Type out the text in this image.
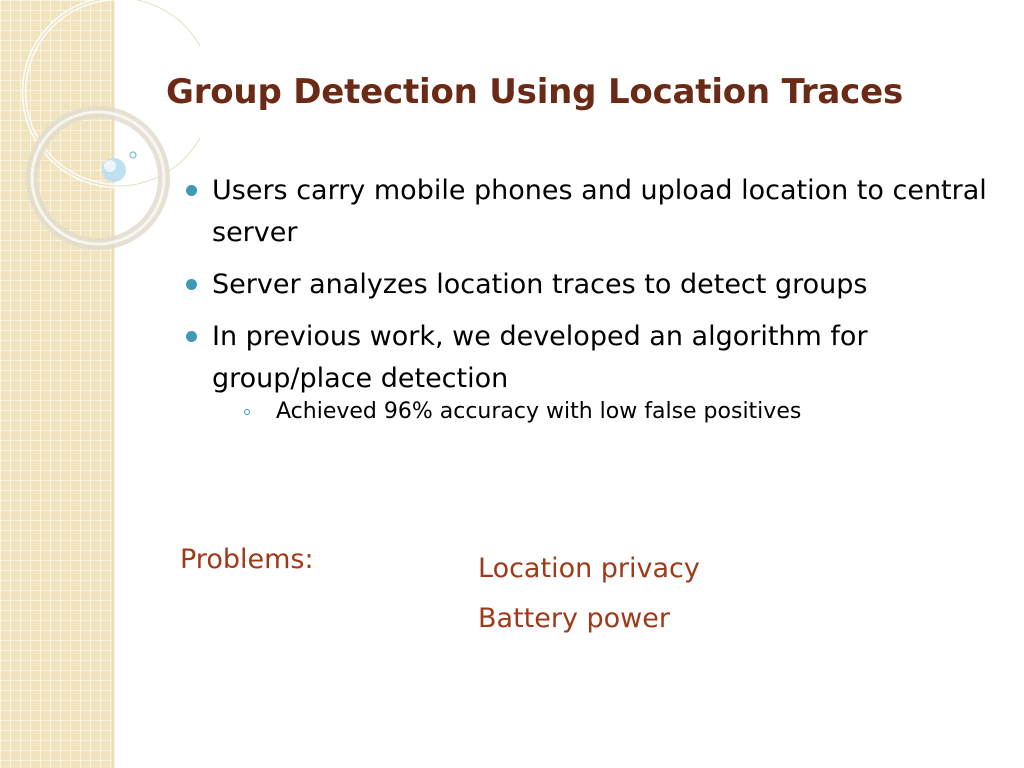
Group Detection Using Location Traces
Users carry mobile phones and upload location to central server
Server analyzes location traces to detect groups
In previous work, we developed an algorithm for group/place detection
Achieved 96% accuracy with low false positives
Problems:	Location privacy
Battery power
